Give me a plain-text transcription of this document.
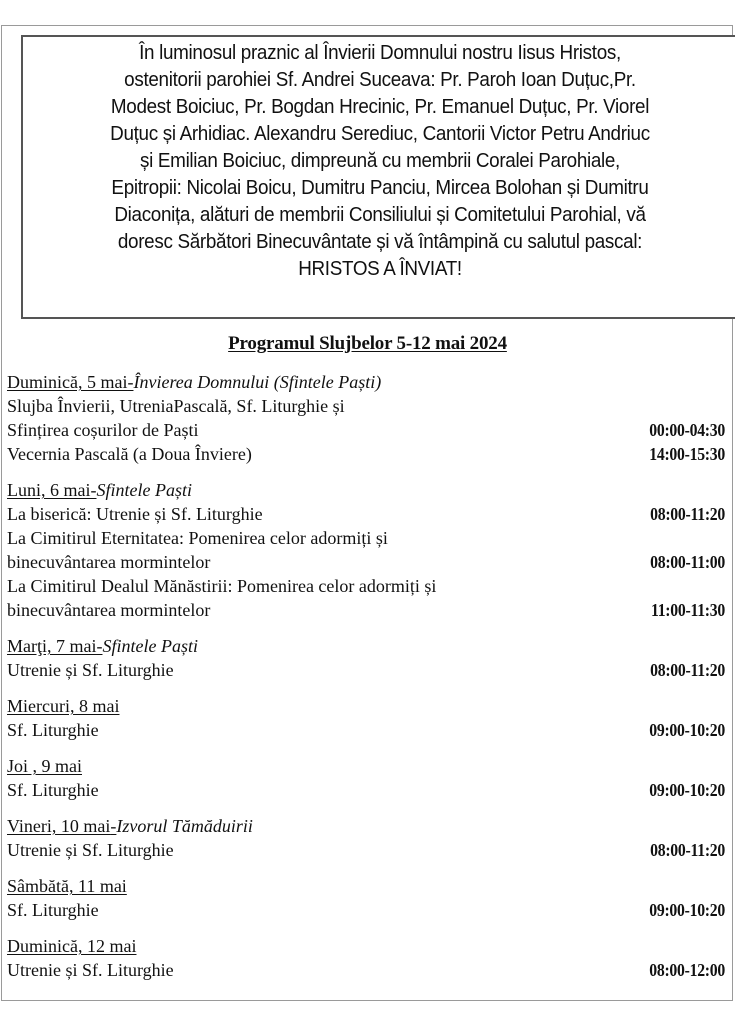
În luminosul praznic al Învierii Domnului nostru Iisus Hristos,
ostenitorii parohiei Sf. Andrei Suceava: Pr. Paroh Ioan Duțuc,Pr.
Modest Boiciuc, Pr. Bogdan Hrecinic, Pr. Emanuel Duțuc, Pr. Viorel
Duțuc și Arhidiac. Alexandru Serediuc, Cantorii Victor Petru Andriuc
și Emilian Boiciuc, dimpreună cu membrii Coralei Parohiale,
Epitropii: Nicolai Boicu, Dumitru Panciu, Mircea Bolohan și Dumitru
Diaconița, alături de membrii Consiliului și Comitetului Parohial, vă
doresc Sărbători Binecuvântate și vă întâmpină cu salutul pascal:
HRISTOS A ÎNVIAT!
Programul Slujbelor 5-12 mai 2024
Duminică, 5 mai-Învierea Domnului (Sfintele Paști)
Slujba Învierii, UtreniaPascală, Sf. Liturghie și
Sfințirea coșurilor de Paști	00:00-04:30
Vecernia Pascală (a Doua Înviere)	14:00-15:30
Luni, 6 mai-Sfintele Paști
La biserică: Utrenie și Sf. Liturghie	08:00-11:20
La Cimitirul Eternitatea: Pomenirea celor adormiți și
binecuvântarea mormintelor	08:00-11:00
La Cimitirul Dealul Mănăstirii: Pomenirea celor adormiți și
binecuvântarea mormintelor	11:00-11:30
Marţi, 7 mai-Sfintele Paști
Utrenie și Sf. Liturghie	08:00-11:20
Miercuri, 8 mai
Sf. Liturghie	09:00-10:20
Joi , 9 mai
Sf. Liturghie	09:00-10:20
Vineri, 10 mai-Izvorul Tămăduirii
Utrenie și Sf. Liturghie	08:00-11:20
Sâmbătă, 11 mai
Sf. Liturghie	09:00-10:20
Duminică, 12 mai
Utrenie și Sf. Liturghie	08:00-12:00
